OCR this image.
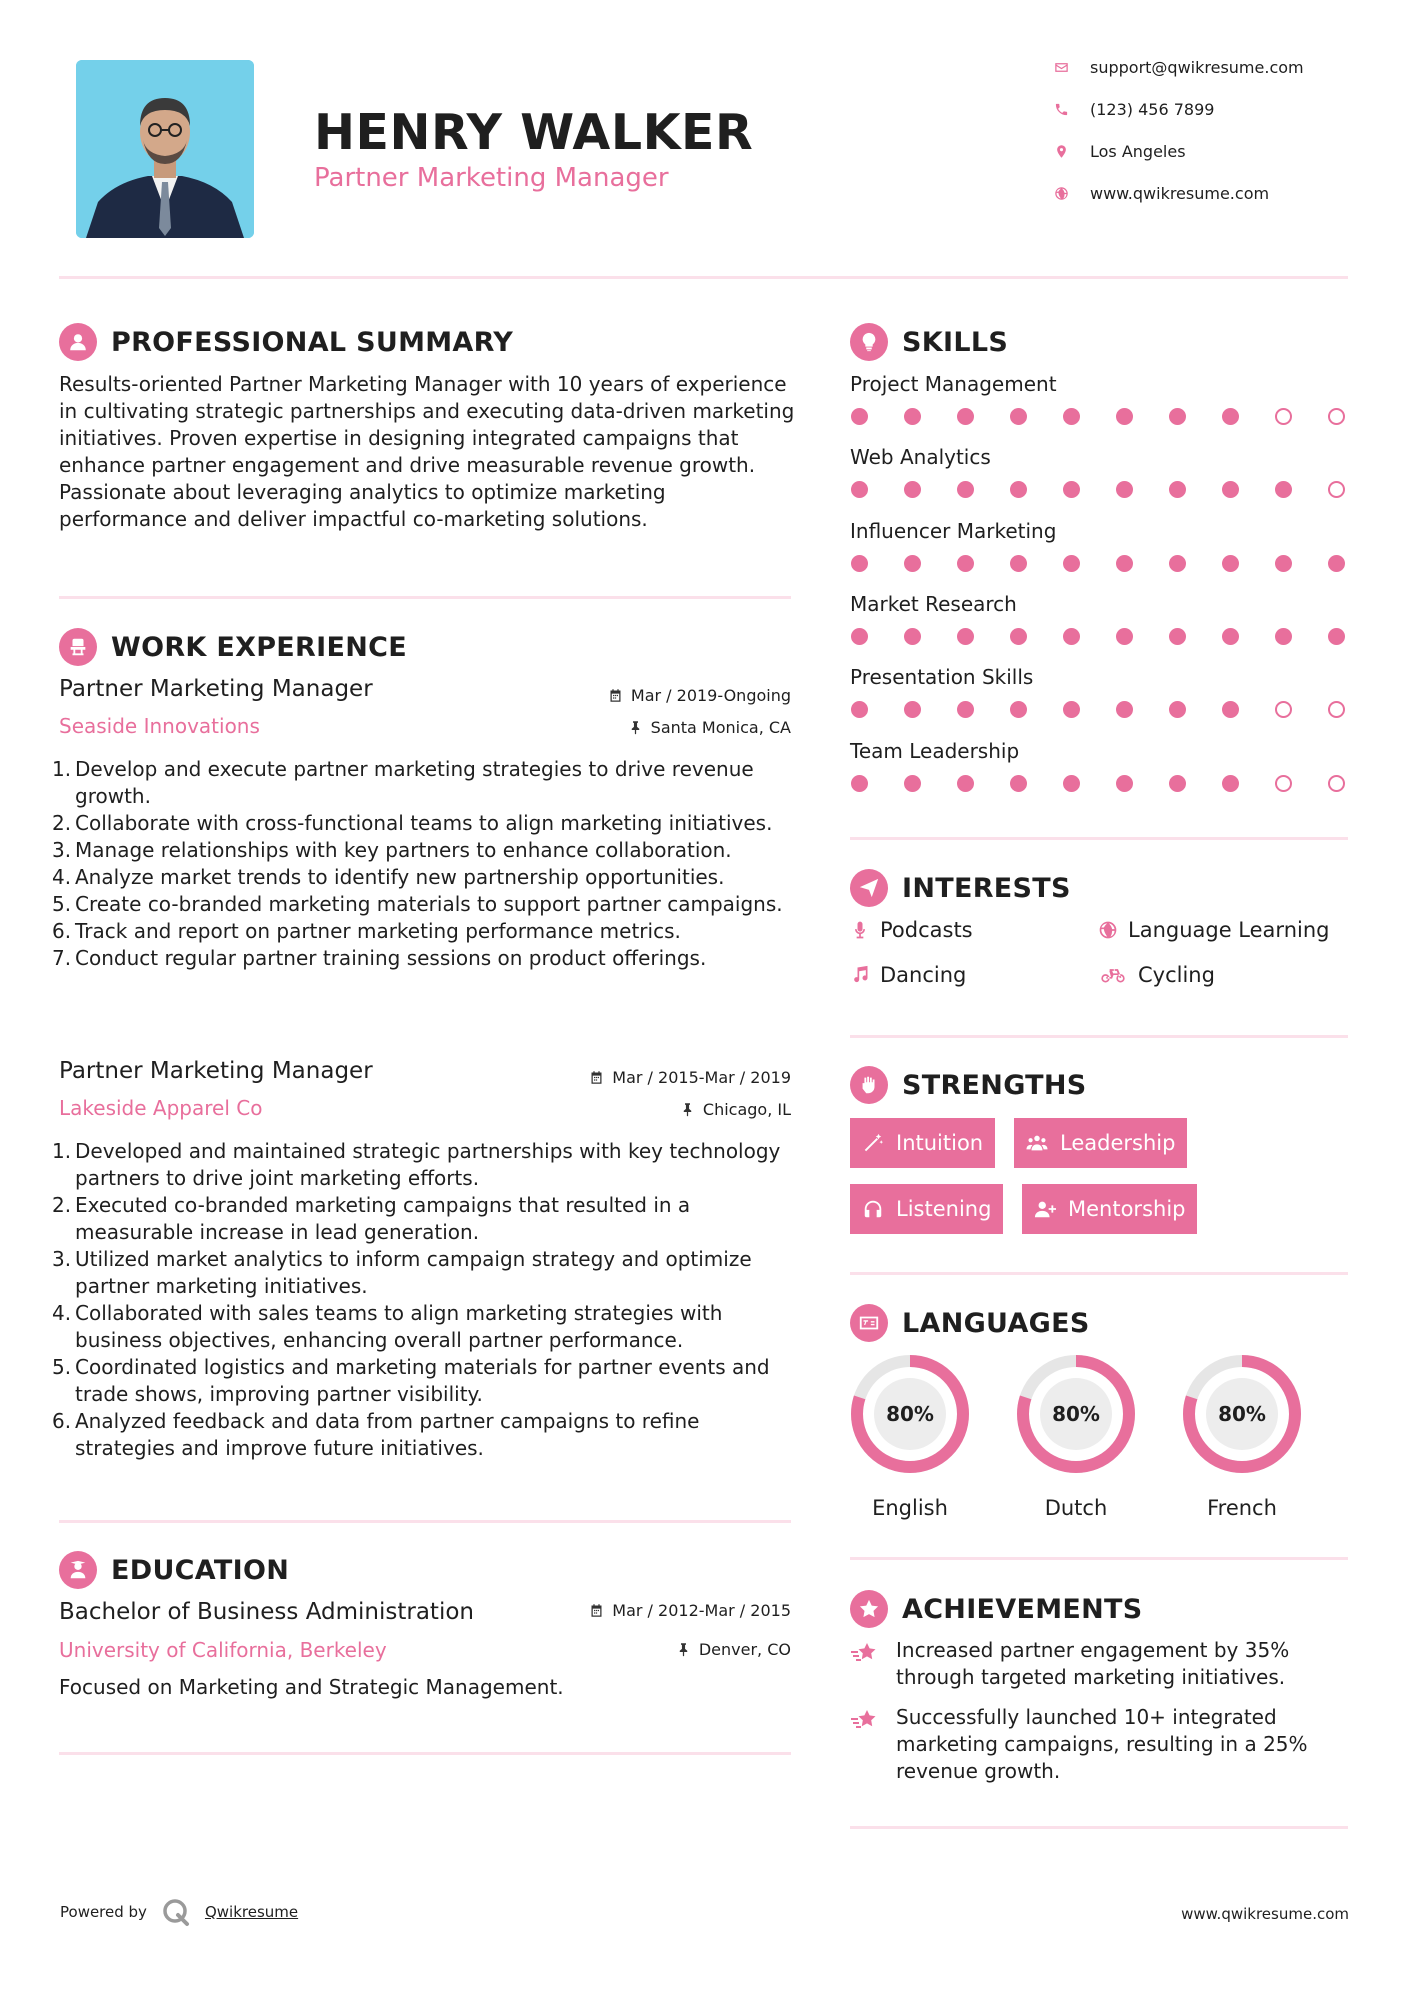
HENRY WALKER
Partner Marketing Manager
support@qwikresume.com
(123) 456 7899
Los Angeles
www.qwikresume.com
PROFESSIONAL SUMMARY
Results-oriented Partner Marketing Manager with 10 years of experience in cultivating strategic partnerships and executing data-driven marketing initiatives. Proven expertise in designing integrated campaigns that enhance partner engagement and drive measurable revenue growth. Passionate about leveraging analytics to optimize marketing performance and deliver impactful co-marketing solutions.
WORK EXPERIENCE
Partner Marketing Manager	Mar / 2019-Ongoing
Seaside Innovations	Santa Monica, CA
1. Develop and execute partner marketing strategies to drive revenue growth.
2. Collaborate with cross-functional teams to align marketing initiatives.
3. Manage relationships with key partners to enhance collaboration.
4. Analyze market trends to identify new partnership opportunities.
5. Create co-branded marketing materials to support partner campaigns.
6. Track and report on partner marketing performance metrics.
7. Conduct regular partner training sessions on product offerings.
Partner Marketing Manager	Mar / 2015-Mar / 2019
Lakeside Apparel Co	Chicago, IL
1. Developed and maintained strategic partnerships with key technology partners to drive joint marketing efforts.
2. Executed co-branded marketing campaigns that resulted in a measurable increase in lead generation.
3. Utilized market analytics to inform campaign strategy and optimize partner marketing initiatives.
4. Collaborated with sales teams to align marketing strategies with business objectives, enhancing overall partner performance.
5. Coordinated logistics and marketing materials for partner events and trade shows, improving partner visibility.
6. Analyzed feedback and data from partner campaigns to refine strategies and improve future initiatives.
EDUCATION
Bachelor of Business Administration	Mar / 2012-Mar / 2015
University of California, Berkeley	Denver, CO
Focused on Marketing and Strategic Management.
SKILLS
Project Management
Web Analytics
Influencer Marketing
Market Research
Presentation Skills
Team Leadership
INTERESTS
Podcasts	Language Learning
Dancing	Cycling
STRENGTHS
Intuition	Leadership
Listening	Mentorship
LANGUAGES
80%
English
80%
Dutch
80%
French
ACHIEVEMENTS
Increased partner engagement by 35% through targeted marketing initiatives.
Successfully launched 10+ integrated marketing campaigns, resulting in a 25% revenue growth.
Powered by	Qwikresume	www.qwikresume.com
